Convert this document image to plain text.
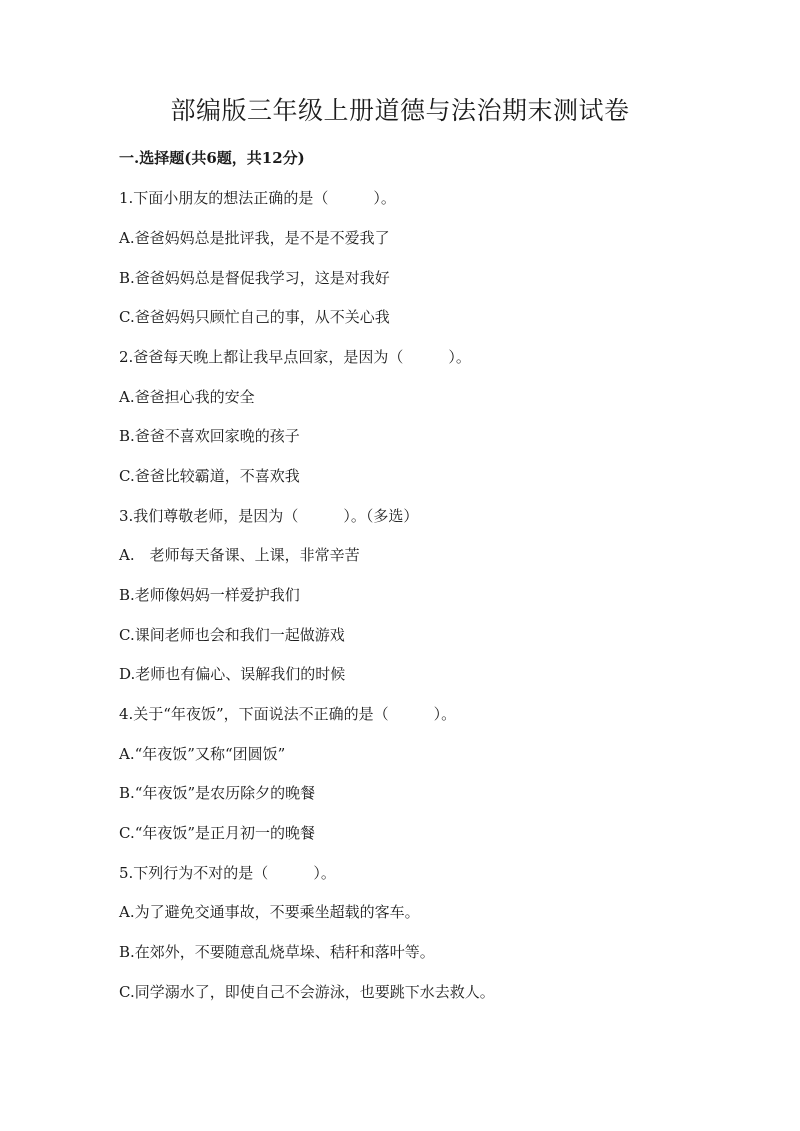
部编版三年级上册道德与法治期末测试卷
一.选择题(共6题，共12分)
1.下面小朋友的想法正确的是（　　　）。
A.爸爸妈妈总是批评我，是不是不爱我了
B.爸爸妈妈总是督促我学习，这是对我好
C.爸爸妈妈只顾忙自己的事，从不关心我
2.爸爸每天晚上都让我早点回家，是因为（　　　）。
A.爸爸担心我的安全
B.爸爸不喜欢回家晚的孩子
C.爸爸比较霸道，不喜欢我
3.我们尊敬老师，是因为（　　　）。（多选）
A.　老师每天备课、上课，非常辛苦
B.老师像妈妈一样爱护我们
C.课间老师也会和我们一起做游戏
D.老师也有偏心、误解我们的时候
4.关于“年夜饭”，下面说法不正确的是（　　　）。
A.“年夜饭”又称“团圆饭”
B.“年夜饭”是农历除夕的晚餐
C.“年夜饭”是正月初一的晚餐
5.下列行为不对的是（　　　）。
A.为了避免交通事故，不要乘坐超载的客车。
B.在郊外，不要随意乱烧草垛、秸秆和落叶等。
C.同学溺水了，即使自己不会游泳，也要跳下水去救人。
